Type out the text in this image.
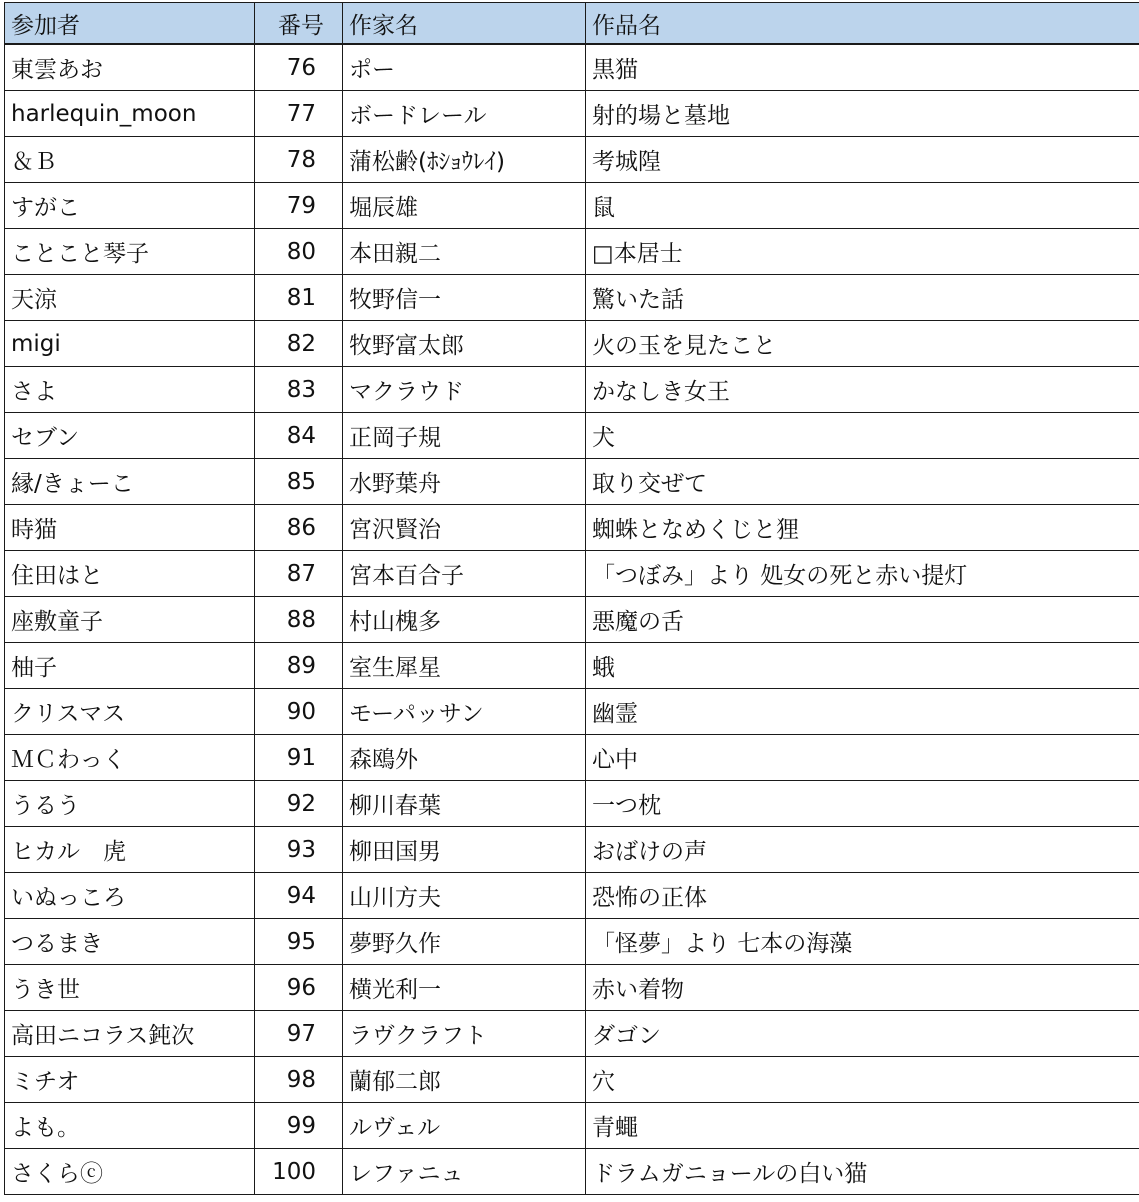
参加者	番号	作家名	作品名
東雲あお	76	ポー	黒猫
harlequin_moon	77	ボードレール	射的場と墓地
＆Ｂ	78	蒲松齢(ﾎｼｮｳﾚｲ)	考城隍
すがこ	79	堀辰雄	鼠
ことこと琴子	80	本田親二	□本居士
天涼	81	牧野信一	驚いた話
migi	82	牧野富太郎	火の玉を見たこと
さよ	83	マクラウド	かなしき女王
セブン	84	正岡子規	犬
縁/きょーこ	85	水野葉舟	取り交ぜて
時猫	86	宮沢賢治	蜘蛛となめくじと狸
住田はと	87	宮本百合子	「つぼみ」より 処女の死と赤い提灯
座敷童子	88	村山槐多	悪魔の舌
柚子	89	室生犀星	蛾
クリスマス	90	モーパッサン	幽霊
ＭＣわっく	91	森鴎外	心中
うるう	92	柳川春葉	一つ枕
ヒカル　虎	93	柳田国男	おばけの声
いぬっころ	94	山川方夫	恐怖の正体
つるまき	95	夢野久作	「怪夢」より 七本の海藻
うき世	96	横光利一	赤い着物
高田ニコラス鈍次	97	ラヴクラフト	ダゴン
ミチオ	98	蘭郁二郎	穴
よも。	99	ルヴェル	青蠅
さくらⓒ	100	レファニュ	ドラムガニョールの白い猫
